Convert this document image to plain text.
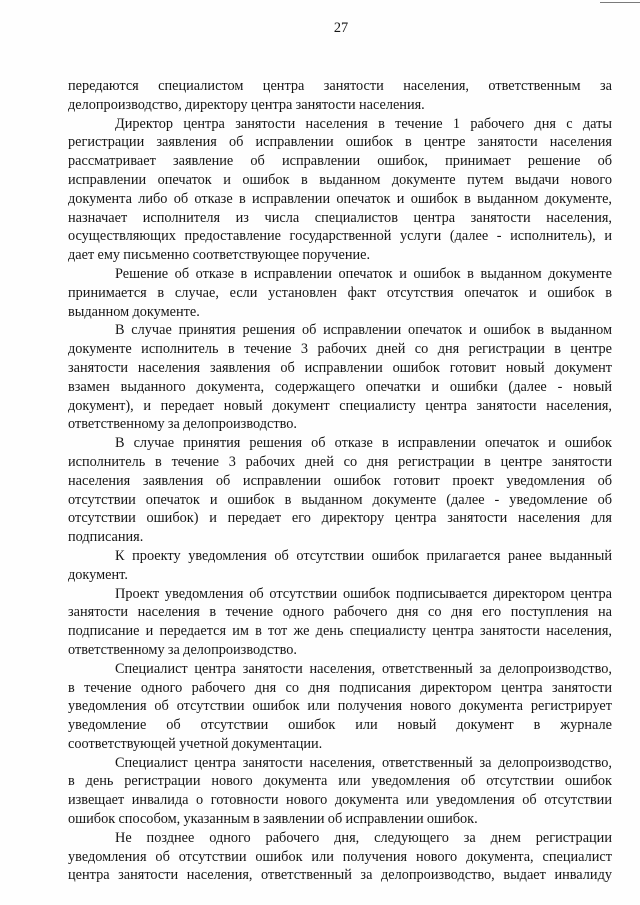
27
передаются специалистом центра занятости населения, ответственным за
делопроизводство, директору центра занятости населения.
Директор центра занятости населения в течение 1 рабочего дня с даты
регистрации заявления об исправлении ошибок в центре занятости населения
рассматривает заявление об исправлении ошибок, принимает решение об
исправлении опечаток и ошибок в выданном документе путем выдачи нового
документа либо об отказе в исправлении опечаток и ошибок в выданном документе,
назначает исполнителя из числа специалистов центра занятости населения,
осуществляющих предоставление государственной услуги (далее - исполнитель), и
дает ему письменно соответствующее поручение.
Решение об отказе в исправлении опечаток и ошибок в выданном документе
принимается в случае, если установлен факт отсутствия опечаток и ошибок в
выданном документе.
В случае принятия решения об исправлении опечаток и ошибок в выданном
документе исполнитель в течение 3 рабочих дней со дня регистрации в центре
занятости населения заявления об исправлении ошибок готовит новый документ
взамен выданного документа, содержащего опечатки и ошибки (далее - новый
документ), и передает новый документ специалисту центра занятости населения,
ответственному за делопроизводство.
В случае принятия решения об отказе в исправлении опечаток и ошибок
исполнитель в течение 3 рабочих дней со дня регистрации в центре занятости
населения заявления об исправлении ошибок готовит проект уведомления об
отсутствии опечаток и ошибок в выданном документе (далее - уведомление об
отсутствии ошибок) и передает его директору центра занятости населения для
подписания.
К проекту уведомления об отсутствии ошибок прилагается ранее выданный
документ.
Проект уведомления об отсутствии ошибок подписывается директором центра
занятости населения в течение одного рабочего дня со дня его поступления на
подписание и передается им в тот же день специалисту центра занятости населения,
ответственному за делопроизводство.
Специалист центра занятости населения, ответственный за делопроизводство,
в течение одного рабочего дня со дня подписания директором центра занятости
уведомления об отсутствии ошибок или получения нового документа регистрирует
уведомление об отсутствии ошибок или новый документ в журнале
соответствующей учетной документации.
Специалист центра занятости населения, ответственный за делопроизводство,
в день регистрации нового документа или уведомления об отсутствии ошибок
извещает инвалида о готовности нового документа или уведомления об отсутствии
ошибок способом, указанным в заявлении об исправлении ошибок.
Не позднее одного рабочего дня, следующего за днем регистрации
уведомления об отсутствии ошибок или получения нового документа, специалист
центра занятости населения, ответственный за делопроизводство, выдает инвалиду
